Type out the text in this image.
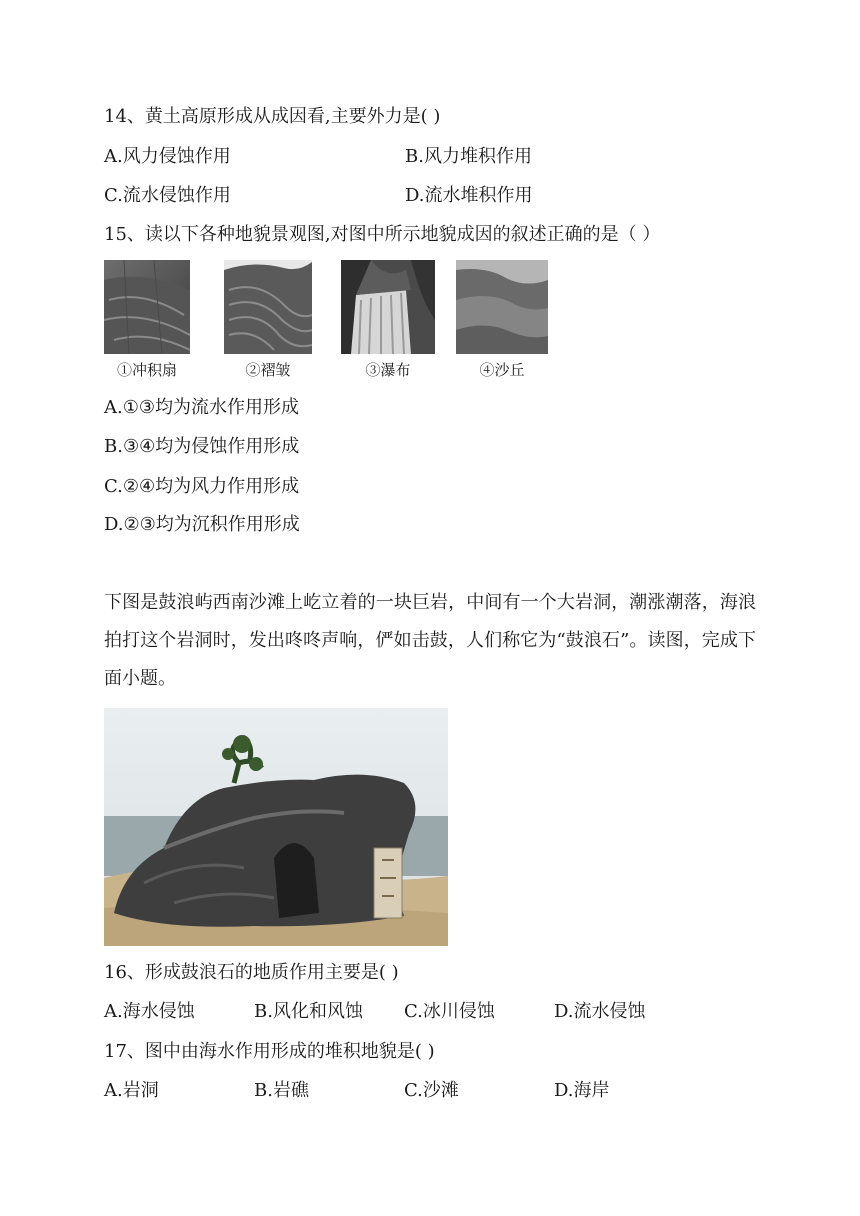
14、黄土高原形成从成因看,主要外力是( )
A.风力侵蚀作用	B.风力堆积作用
C.流水侵蚀作用	D.流水堆积作用
15、读以下各种地貌景观图,对图中所示地貌成因的叙述正确的是（ ）
①冲积扇	②褶皱	③瀑布	④沙丘
A.①③均为流水作用形成
B.③④均为侵蚀作用形成
C.②④均为风力作用形成
D.②③均为沉积作用形成
下图是鼓浪屿西南沙滩上屹立着的一块巨岩，中间有一个大岩洞，潮涨潮落，海浪拍打这个岩洞时，发出咚咚声响，俨如击鼓，人们称它为“鼓浪石”。读图，完成下面小题。
16、形成鼓浪石的地质作用主要是( )
A.海水侵蚀	B.风化和风蚀 C.冰川侵蚀	D.流水侵蚀
17、图中由海水作用形成的堆积地貌是( )
A.岩洞	B.岩礁	C.沙滩	D.海岸
